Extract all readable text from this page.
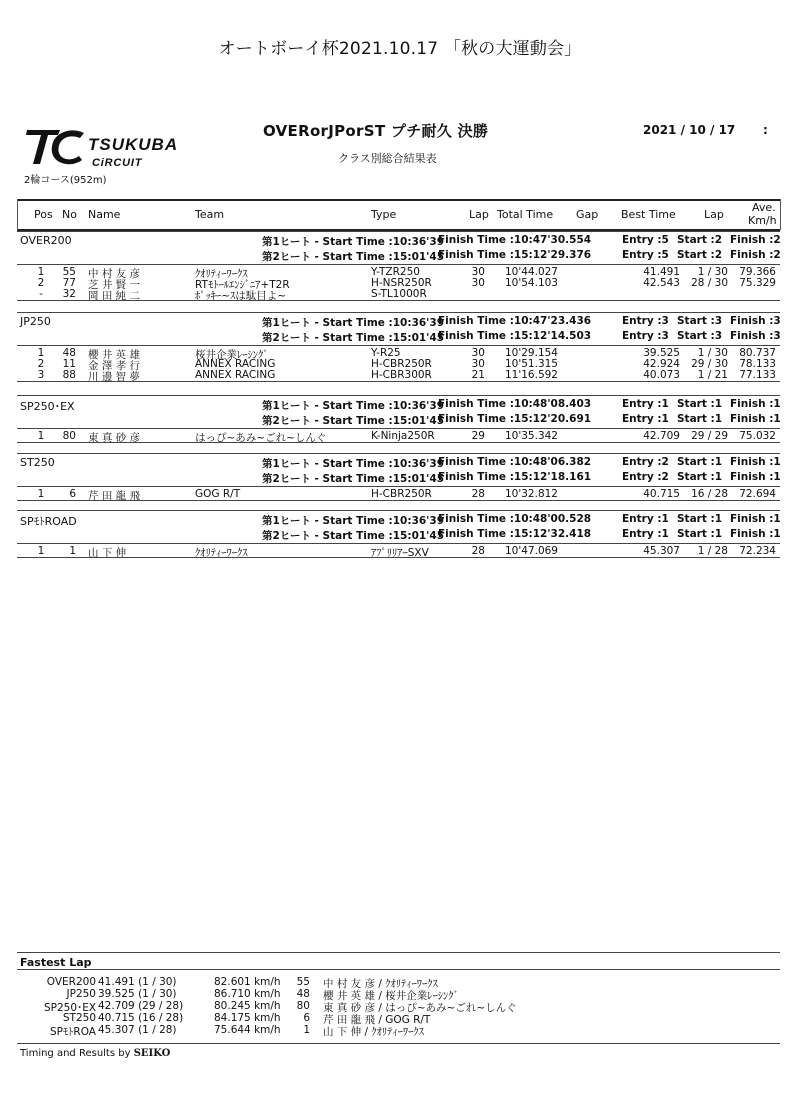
オートボーイ杯2021.10.17 「秋の大運動会」
TSUKUBA
CiRCUIT
2輪コース(952m)
OVERorJPorST プチ耐久 決勝
クラス別総合結果表
2021 / 10 / 17 :
Pos No Name	Team	Type	Lap Total Time Gap Best Time	Lap
Ave.
Km/h
OVER200	第1ヒート - Start Time :10:36'39
Finish Time :10:47'30.554	Entry :5 Start :2 Finish :2
第2ヒート - Start Time :15:01'45
Finish Time :15:12'29.376	Entry :5 Start :2 Finish :2
1	55 中 村 友 彦	ｸｵﾘﾃｨｰﾜｰｸｽ	Y-TZR250	30 10'44.027	41.491	1 / 30	79.366
2	77 芝 井 賢 一	RTﾓﾄｰﾙｴﾝｼﾞﾆｱ+T2R	H-NSR250R	30 10'54.103	42.543	28 / 30	75.329
-	32 岡 田 純 二	ﾎﾟｯｷｰ~ｽは駄目よ~	S-TL1000R
JP250	第1ヒート - Start Time :10:36'39
Finish Time :10:47'23.436	Entry :3 Start :3 Finish :3
第2ヒート - Start Time :15:01'45
Finish Time :15:12'14.503	Entry :3 Start :3 Finish :3
1	48 櫻 井 英 雄	桜井企業ﾚｰｼﾝｸﾞ	Y-R25	30 10'29.154	39.525	1 / 30	80.737
2	11 金 澤 孝 行	ANNEX RACING	H-CBR250R	30 10'51.315	42.924	29 / 30	78.133
3	88 川 邊 智 夢	ANNEX RACING	H-CBR300R	21 11'16.592	40.073	1 / 21	77.133
SP250･EX	第1ヒート - Start Time :10:36'39
Finish Time :10:48'08.403	Entry :1 Start :1 Finish :1
第2ヒート - Start Time :15:01'45
Finish Time :15:12'20.691	Entry :1 Start :1 Finish :1
1	80 東 真 砂 彦	はっぴ~あみ~ごれ~しんぐ	K-Ninja250R	29 10'35.342	42.709	29 / 29	75.032
ST250	第1ヒート - Start Time :10:36'39
Finish Time :10:48'06.382	Entry :2 Start :1 Finish :1
第2ヒート - Start Time :15:01'45
Finish Time :15:12'18.161	Entry :2 Start :1 Finish :1
1	6 芹 田 龍 飛	GOG R/T	H-CBR250R	28 10'32.812	40.715	16 / 28	72.694
SPﾓﾄROAD	第1ヒート - Start Time :10:36'39
Finish Time :10:48'00.528	Entry :1 Start :1 Finish :1
第2ヒート - Start Time :15:01'45
Finish Time :15:12'32.418	Entry :1 Start :1 Finish :1
1	1 山 下 伸	ｸｵﾘﾃｨｰﾜｰｸｽ	ｱﾌﾟﾘﾘｱｰSXV	28 10'47.069	45.307	1 / 28	72.234
Fastest Lap
OVER200 41.491 (1 / 30)	82.601 km/h	55 中 村 友 彦 / ｸｵﾘﾃｨｰﾜｰｸｽ
JP250 39.525 (1 / 30)	86.710 km/h	48 櫻 井 英 雄 / 桜井企業ﾚｰｼﾝｸﾞ
SP250･EX 42.709 (29 / 28)	80.245 km/h	80 東 真 砂 彦 / はっぴ~あみ~ごれ~しんぐ
ST250 40.715 (16 / 28)	84.175 km/h	6 芹 田 龍 飛 / GOG R/T
SPﾓﾄROA 45.307 (1 / 28)	75.644 km/h	1 山 下 伸 / ｸｵﾘﾃｨｰﾜｰｸｽ
Timing and Results by SEIKO
